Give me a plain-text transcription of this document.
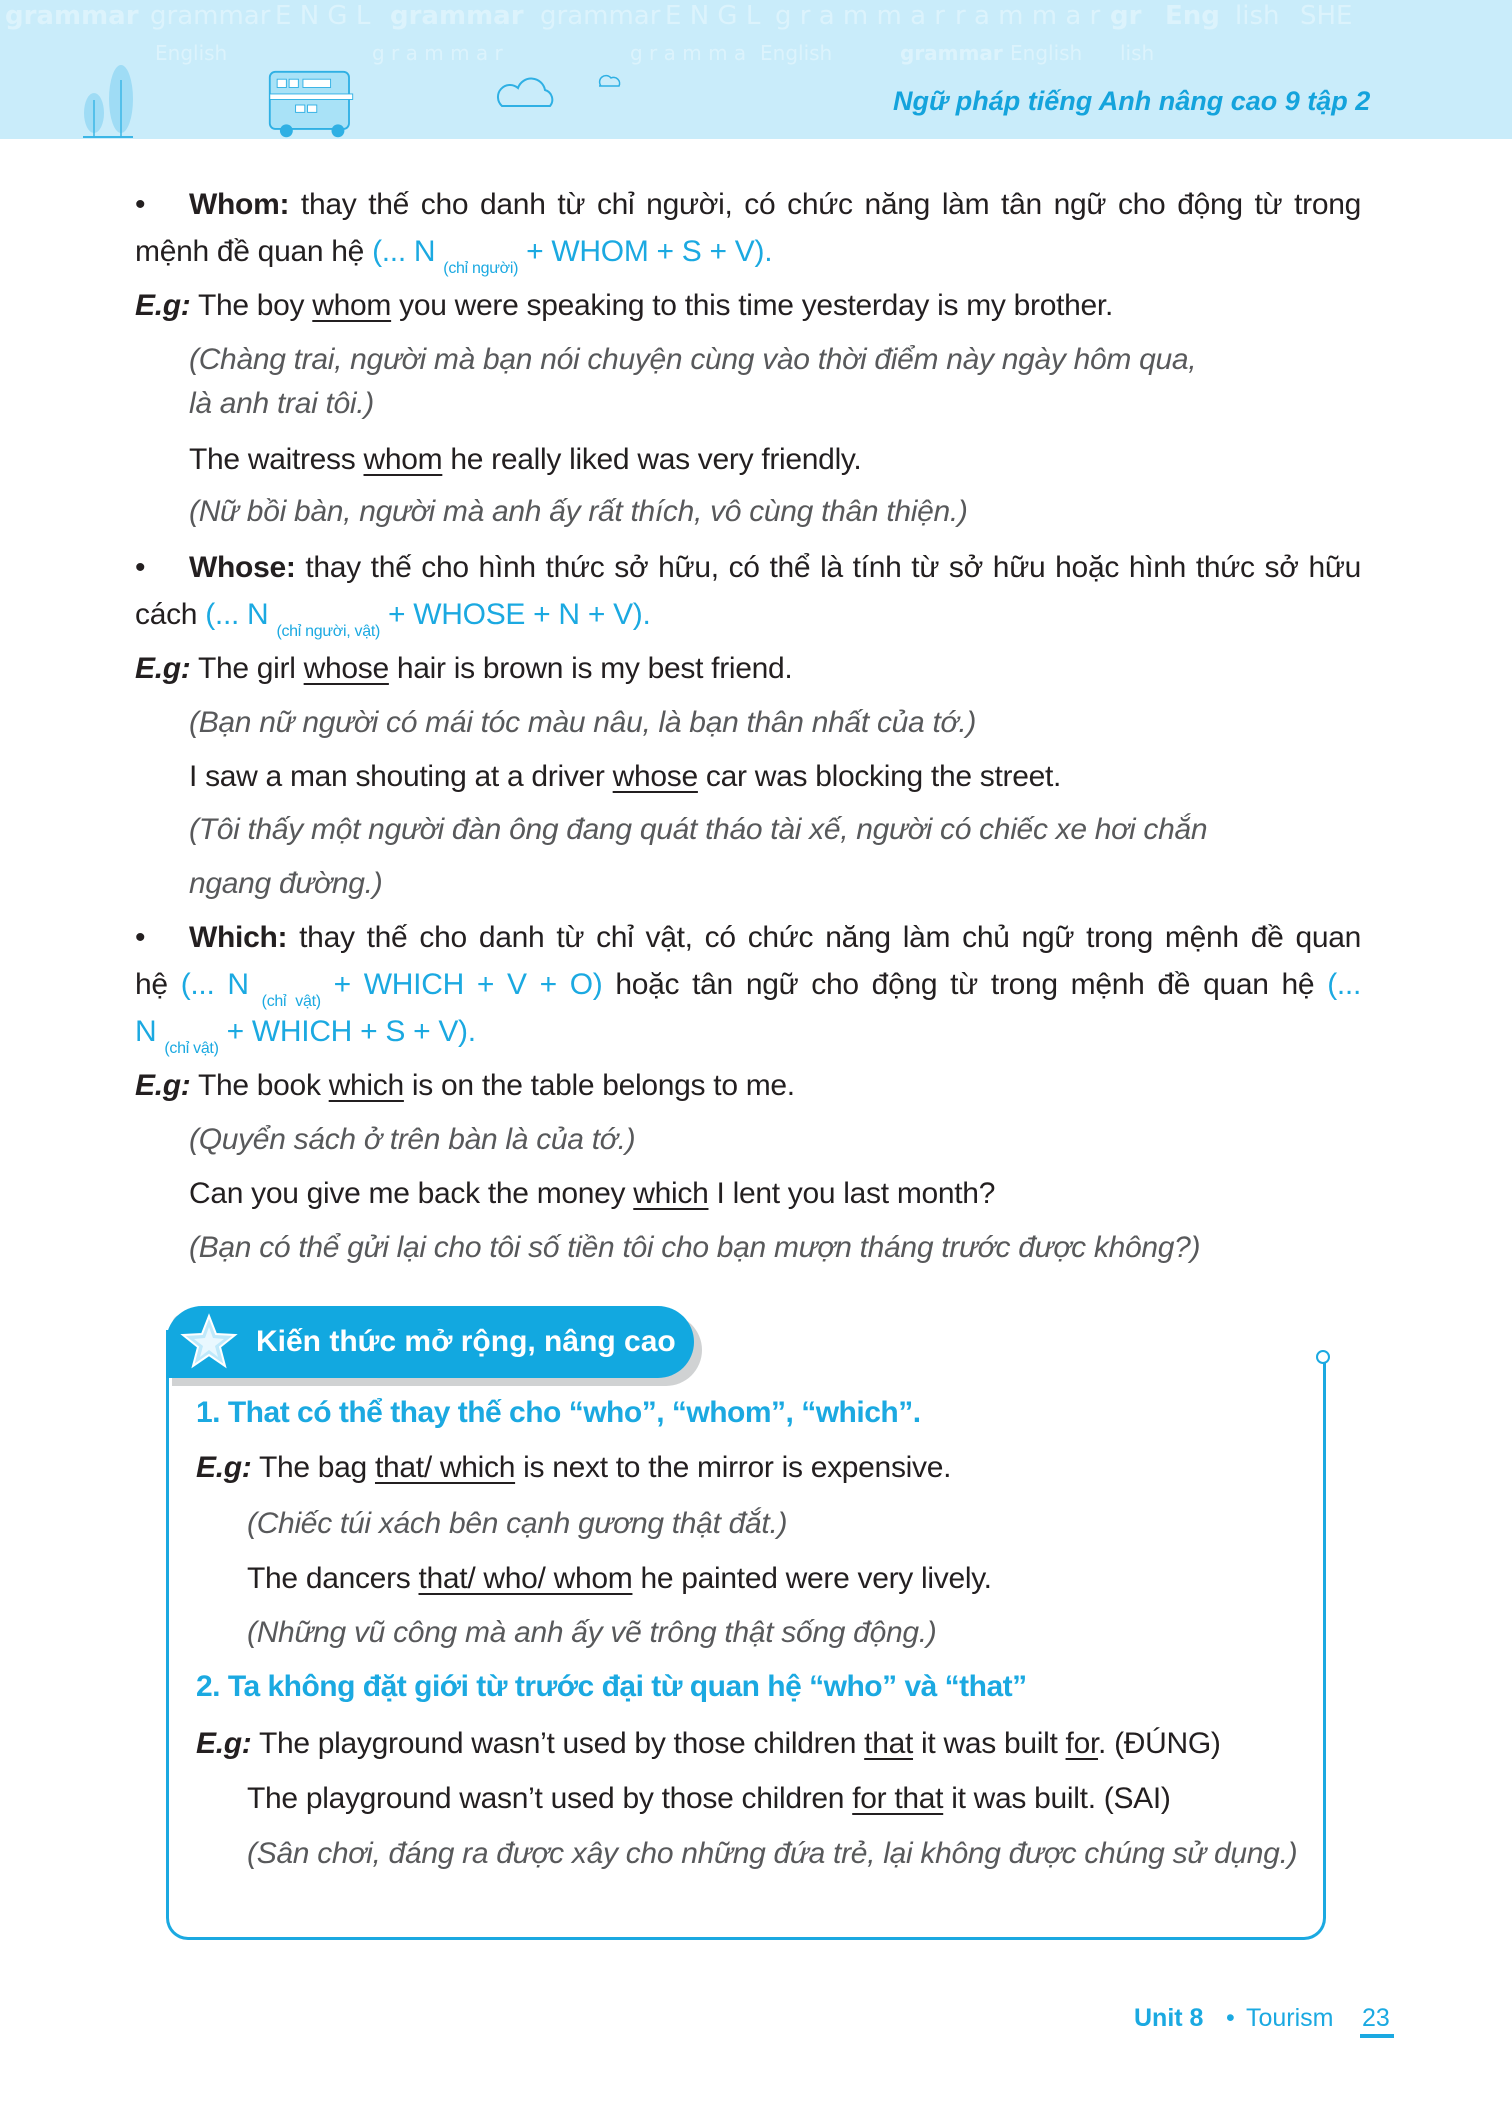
grammar grammar E N G L grammar grammar E N G L g r a m m a r
g r a m m a
English	g r a m m a r
r a m m a r
English
SHE
lish
grammar English
Eng
lish
gr
Ngữ pháp tiếng Anh nâng cao 9 tập 2
• Whom: thay thế cho danh từ chỉ người, có chức năng làm tân ngữ cho động từ trong
mệnh đề quan hệ (... N $_{(chỉ người)}$ + WHOM + S + V).
E.g: The boy whom you were speaking to this time yesterday is my brother.
(Chàng trai, người mà bạn nói chuyện cùng vào thời điểm này ngày hôm qua,
là anh trai tôi.)
The waitress whom he really liked was very friendly.
(Nữ bồi bàn, người mà anh ấy rất thích, vô cùng thân thiện.)
• Whose: thay thế cho hình thức sở hữu, có thể là tính từ sở hữu hoặc hình thức sở hữu
cách (... N $_{(chỉ người, vật)}$ + WHOSE + N + V).
E.g: The girl whose hair is brown is my best friend.
(Bạn nữ người có mái tóc màu nâu, là bạn thân nhất của tớ.)
I saw a man shouting at a driver whose car was blocking the street.
(Tôi thấy một người đàn ông đang quát tháo tài xế, người có chiếc xe hơi chắn
ngang đường.)
• Which: thay thế cho danh từ chỉ vật, có chức năng làm chủ ngữ trong mệnh đề quan
hệ (... N $_{(chỉ vật)}$ + WHICH + V + O) hoặc tân ngữ cho động từ trong mệnh đề quan hệ (...
N $_{(chỉ vật)}$ + WHICH + S + V).
E.g: The book which is on the table belongs to me.
(Quyển sách ở trên bàn là của tớ.)
Can you give me back the money which I lent you last month?
(Bạn có thể gửi lại cho tôi số tiền tôi cho bạn mượn tháng trước được không?)
1. That có thể thay thế cho “who”, “whom”, “which”.
E.g: The bag that/ which is next to the mirror is expensive.
(Chiếc túi xách bên cạnh gương thật đắt.)
The dancers that/ who/ whom he painted were very lively.
(Những vũ công mà anh ấy vẽ trông thật sống động.)
2. Ta không đặt giới từ trước đại từ quan hệ “who” và “that”
E.g: The playground wasn’t used by those children that it was built for. (ĐÚNG)
The playground wasn’t used by those children for that it was built. (SAI)
(Sân chơi, đáng ra được xây cho những đứa trẻ, lại không được chúng sử dụng.)
Kiến thức mở rộng, nâng cao
Unit 8 • Tourism 23
